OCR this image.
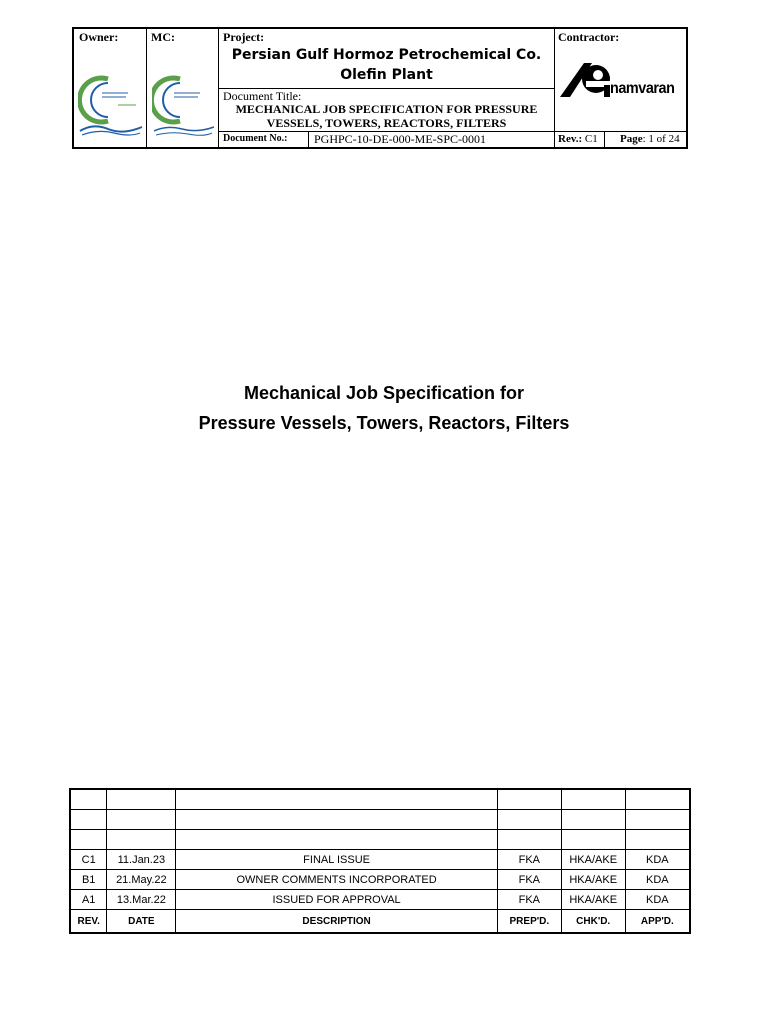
Owner:	MC:	Project:
Persian Gulf Hormoz Petrochemical Co.
Olefin Plant
Document Title:
MECHANICAL JOB SPECIFICATION FOR PRESSURE
VESSELS, TOWERS, REACTORS, FILTERS
Document No.: PGHPC-10-DE-000-ME-SPC-0001
Contractor:
namvaran
Rev.: C1 Page: 1 of 24
Mechanical Job Specification for
Pressure Vessels, Towers, Reactors, Filters

C1	11.Jan.23	FINAL ISSUE	FKA	HKA/AKE	KDA
B1	21.May.22	OWNER COMMENTS INCORPORATED	FKA	HKA/AKE	KDA
A1	13.Mar.22	ISSUED FOR APPROVAL	FKA	HKA/AKE	KDA
REV.	DATE	DESCRIPTION	PREP'D.	CHK'D.	APP'D.
